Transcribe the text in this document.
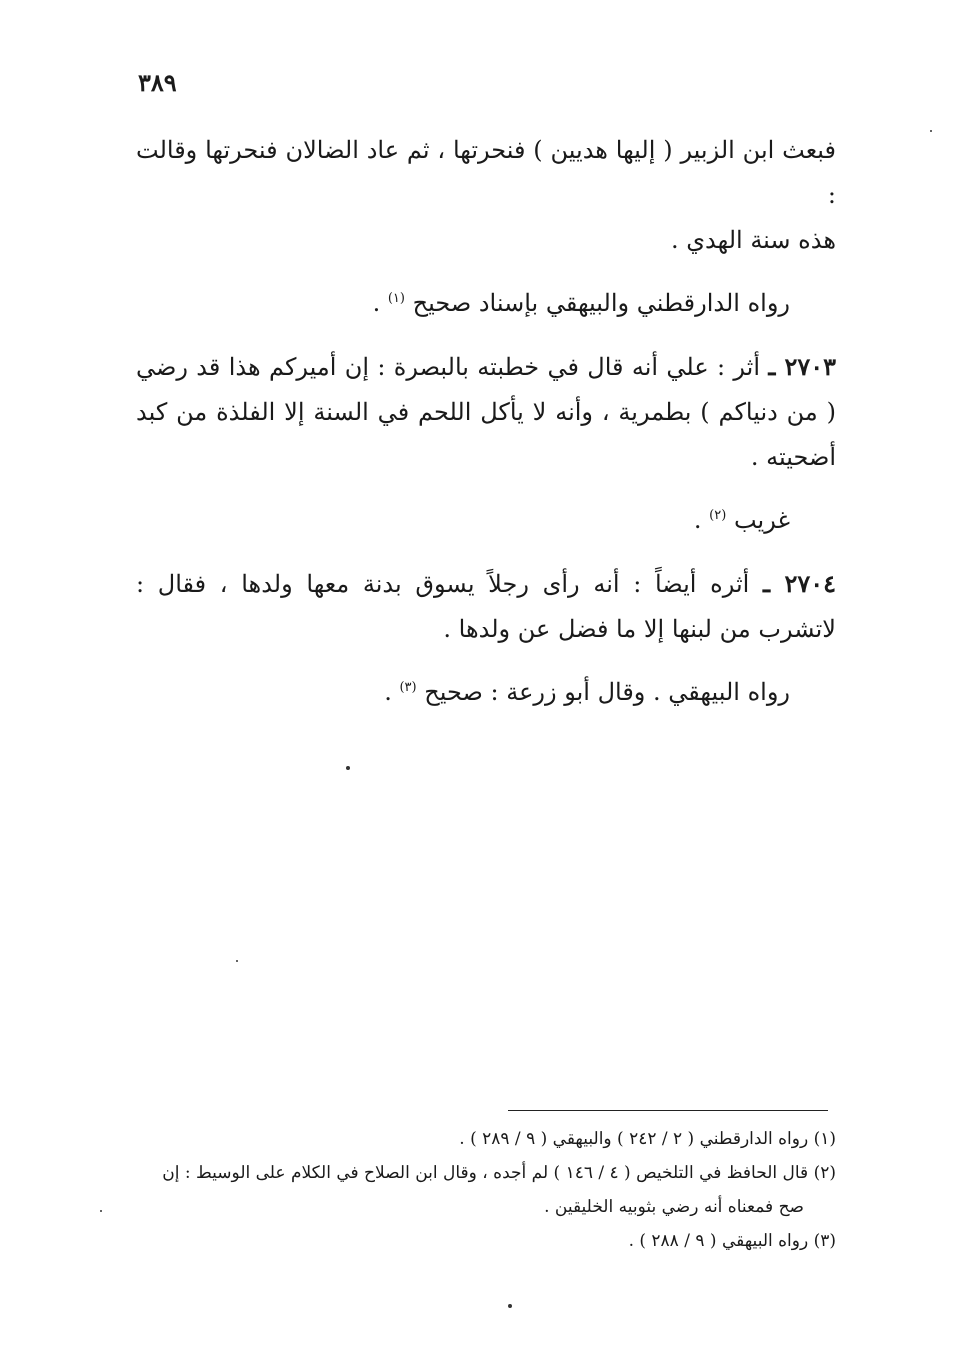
٣٨٩

فبعث ابن الزبير ( إليها هديين ) فنحرتها ، ثم عاد الضالان فنحرتها وقالت :

هذه سنة الهدي .

رواه الدارقطني والبيهقي بإسناد صحيح $^{(١)}$ .

٢٧٠٣ ـ أثر : علي أنه قال في خطبته بالبصرة : إن أميركم هذا قد رضي ( من دنياكم ) بطمرية ، وأنه لا يأكل اللحم في السنة إلا الفلذة من كبد أضحيته .

غريب $^{(٢)}$ .

٢٧٠٤ ـ أثره أيضاً : أنه رأى رجلاً يسوق بدنة معها ولدها ، فقال : لاتشرب من لبنها إلا ما فضل عن ولدها .

رواه البيهقي . وقال أبو زرعة : صحيح $^{(٣)}$ .

(١) رواه الدارقطني ( ٢ / ٢٤٢ ) والبيهقي ( ٩ / ٢٨٩ ) .

(٢) قال الحافظ في التلخيص ( ٤ / ١٤٦ ) لم أجده ، وقال ابن الصلاح في الكلام على الوسيط : إن

صح فمعناه أنه رضي بثوبيه الخليقين .

(٣) رواه البيهقي ( ٩ / ٢٨٨ ) .
